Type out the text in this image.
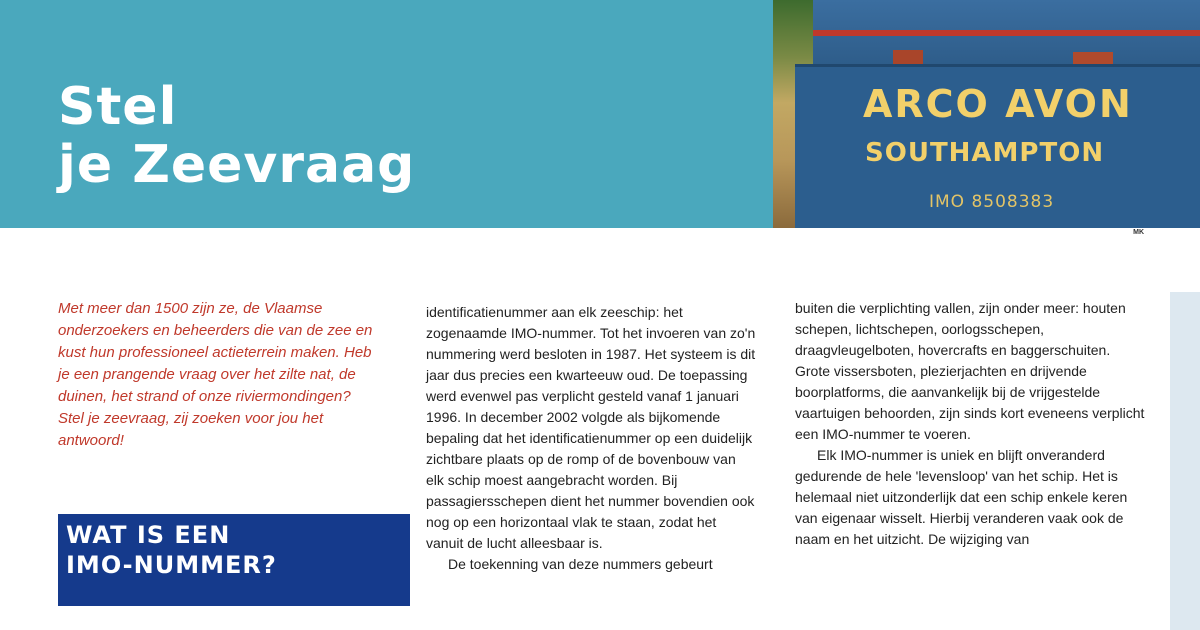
Stel
je Zeevraag
ARCO AVON
SOUTHAMPTON
IMO 8508383
MK

Met meer dan 1500 zijn ze, de Vlaamse onderzoekers en beheerders die van de zee en kust hun professioneel actieterrein maken. Heb je een prangende vraag over het zilte nat, de duinen, het strand of onze riviermondingen? Stel je zeevraag, zij zoeken voor jou het antwoord!

WAT IS EEN
IMO-NUMMER?

identificatienummer aan elk zeeschip: het zogenaamde IMO-nummer. Tot het invoeren van zo'n nummering werd besloten in 1987. Het systeem is dit jaar dus precies een kwarteeuw oud. De toepassing werd evenwel pas verplicht gesteld vanaf 1 januari 1996. In december 2002 volgde als bijkomende bepaling dat het identificatienummer op een duidelijk zichtbare plaats op de romp of de bovenbouw van elk schip moest aangebracht worden. Bij passagiersschepen dient het nummer bovendien ook nog op een horizontaal vlak te staan, zodat het vanuit de lucht alleesbaar is.

De toekenning van deze nummers gebeurt

buiten die verplichting vallen, zijn onder meer: houten schepen, lichtschepen, oorlogsschepen, draagvleugelboten, hovercrafts en baggerschuiten. Grote vissersboten, plezierjachten en drijvende boorplatforms, die aanvankelijk bij de vrijgestelde vaartuigen behoorden, zijn sinds kort eveneens verplicht een IMO-nummer te voeren.

Elk IMO-nummer is uniek en blijft onveranderd gedurende de hele 'levensloop' van het schip. Het is helemaal niet uitzonderlijk dat een schip enkele keren van eigenaar wisselt. Hierbij veranderen vaak ook de naam en het uitzicht. De wijziging van
